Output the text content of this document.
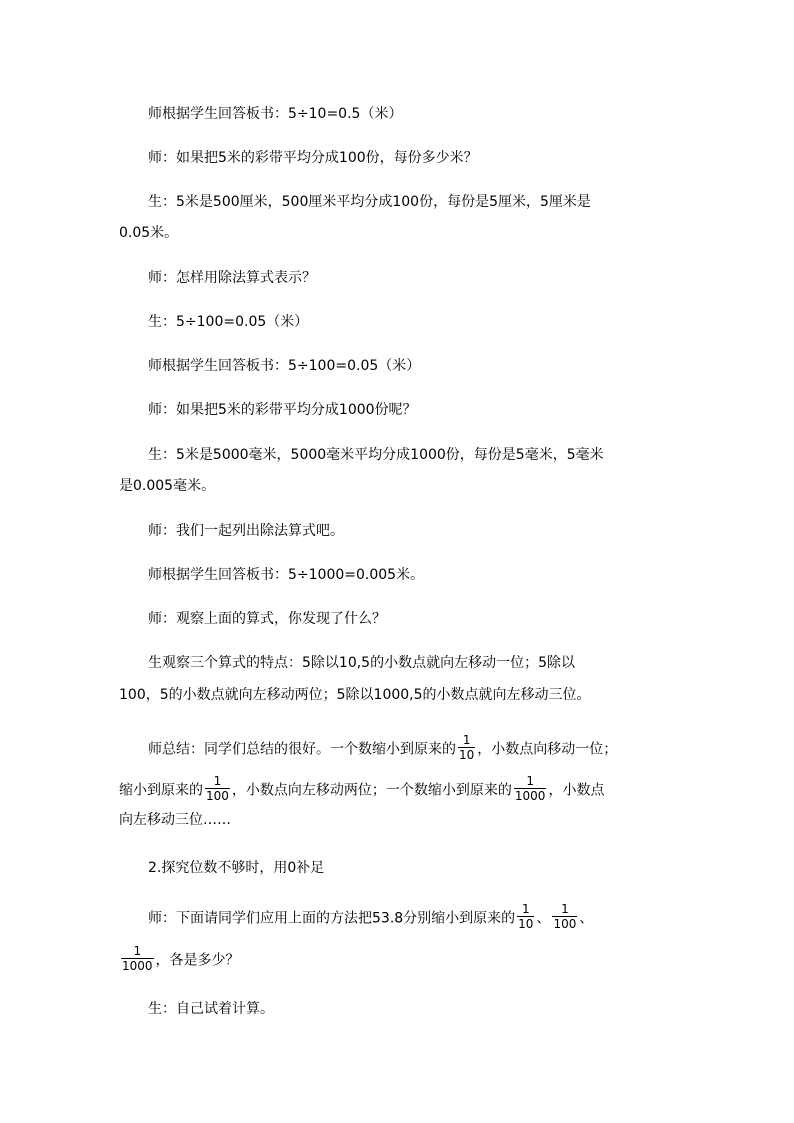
师根据学生回答板书：5÷10=0.5（米）
师：如果把5米的彩带平均分成100份，每份多少米？
生：5米是500厘米，500厘米平均分成100份，每份是5厘米，5厘米是
0.05米。
师：怎样用除法算式表示？
生：5÷100=0.05（米）
师根据学生回答板书：5÷100=0.05（米）
师：如果把5米的彩带平均分成1000份呢？
生：5米是5000毫米，5000毫米平均分成1000份，每份是5毫米，5毫米
是0.005毫米。
师：我们一起列出除法算式吧。
师根据学生回答板书：5÷1000=0.005米。
师：观察上面的算式，你发现了什么？
生观察三个算式的特点：5除以10,5的小数点就向左移动一位；5除以
100，5的小数点就向左移动两位；5除以1000,5的小数点就向左移动三位。
师总结：同学们总结的很好。一个数缩小到原来的 $\frac{1}{10}$ ，小数点向移动一位；
缩小到原来的 $\frac{1}{100}$ ，小数点向左移动两位；一个数缩小到原来的 $\frac{1}{1000}$ ，小数点
向左移动三位……
2.探究位数不够时，用0补足
师：下面请同学们应用上面的方法把53.8分别缩小到原来的 $\frac{1}{10}$ 、 $\frac{1}{100}$ 、
$\frac{1}{1000}$ ，各是多少？
生：自己试着计算。
